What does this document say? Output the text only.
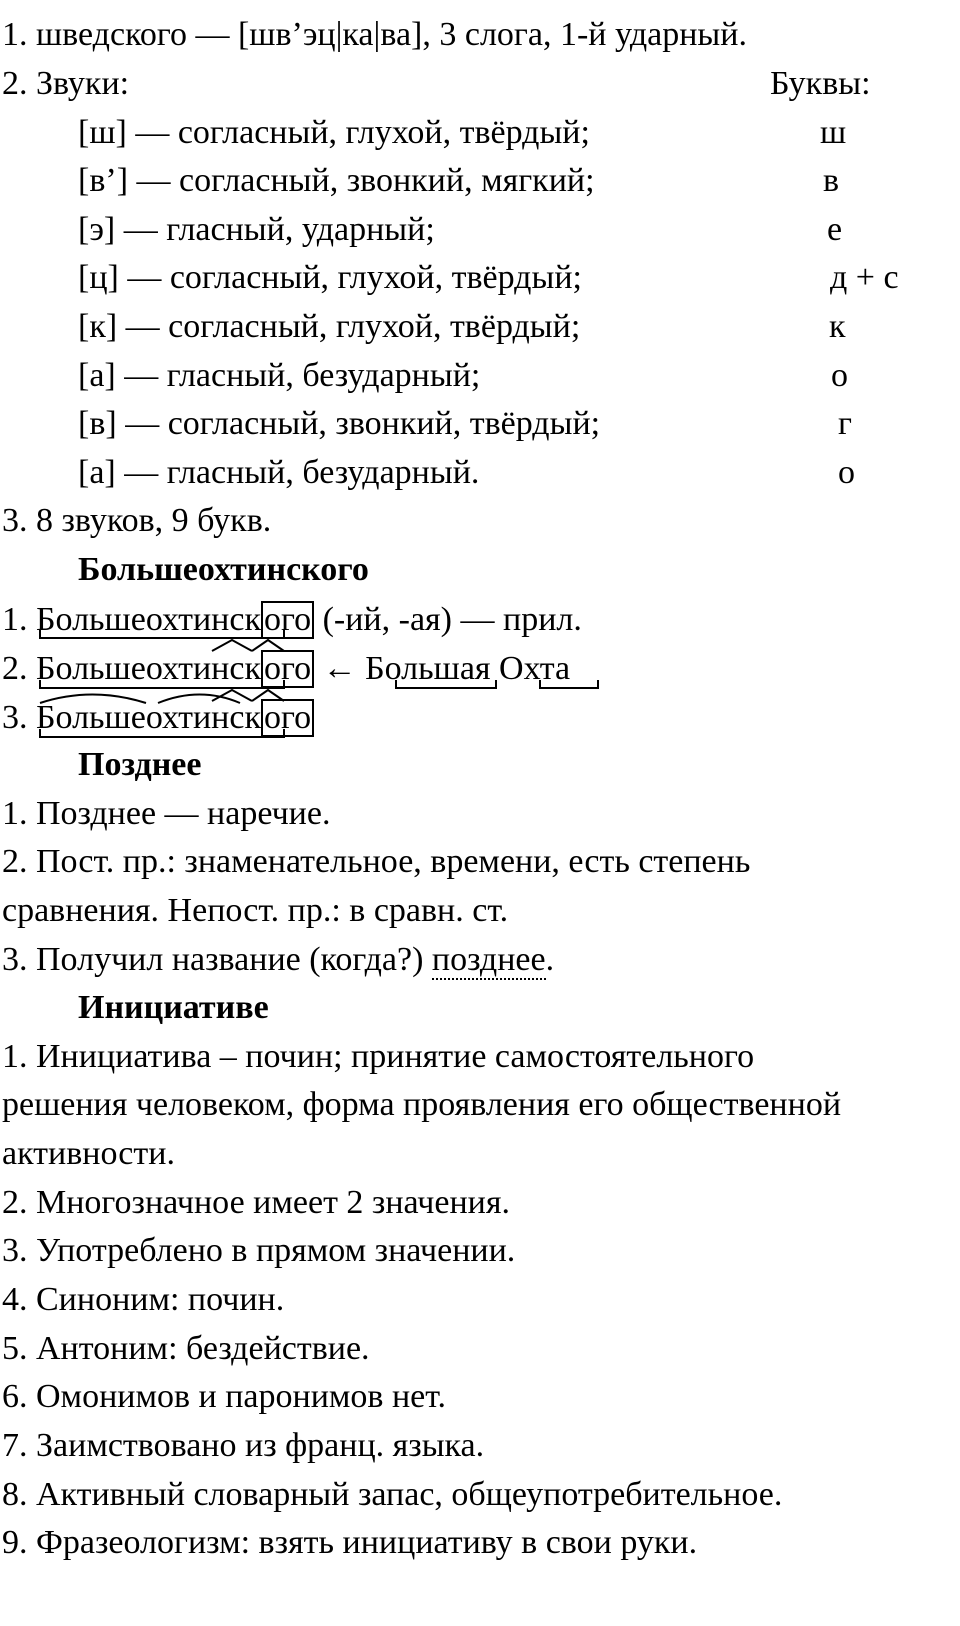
1. шведского — [шв’эц|ка|ва], 3 слога, 1-й ударный.
2. Звуки:	Буквы:
[ш] — согласный, глухой, твёрдый;	ш
[в’] — согласный, звонкий, мягкий;	в
[э] — гласный, ударный;	е
[ц] — согласный, глухой, твёрдый;	д + с
[к] — согласный, глухой, твёрдый;	к
[а] — гласный, безударный;	о
[в] — согласный, звонкий, твёрдый;	г
[а] — гласный, безударный.	о
3. 8 звуков, 9 букв.
Большеохтинского
1. Большеохтинского (-ий, -ая) — прил.
2. Большеохтинского ← Большая Охта
3. Большеохтинского
Позднее
1. Позднее — наречие.
2. Пост. пр.: знаменательное, времени, есть степень
сравнения. Непост. пр.: в сравн. ст.
3. Получил название (когда?) позднее.
Инициативе
1. Инициатива – почин; принятие самостоятельного
решения человеком, форма проявления его общественной
активности.
2. Многозначное имеет 2 значения.
3. Употреблено в прямом значении.
4. Синоним: почин.
5. Антоним: бездействие.
6. Омонимов и паронимов нет.
7. Заимствовано из франц. языка.
8. Активный словарный запас, общеупотребительное.
9. Фразеологизм: взять инициативу в свои руки.
